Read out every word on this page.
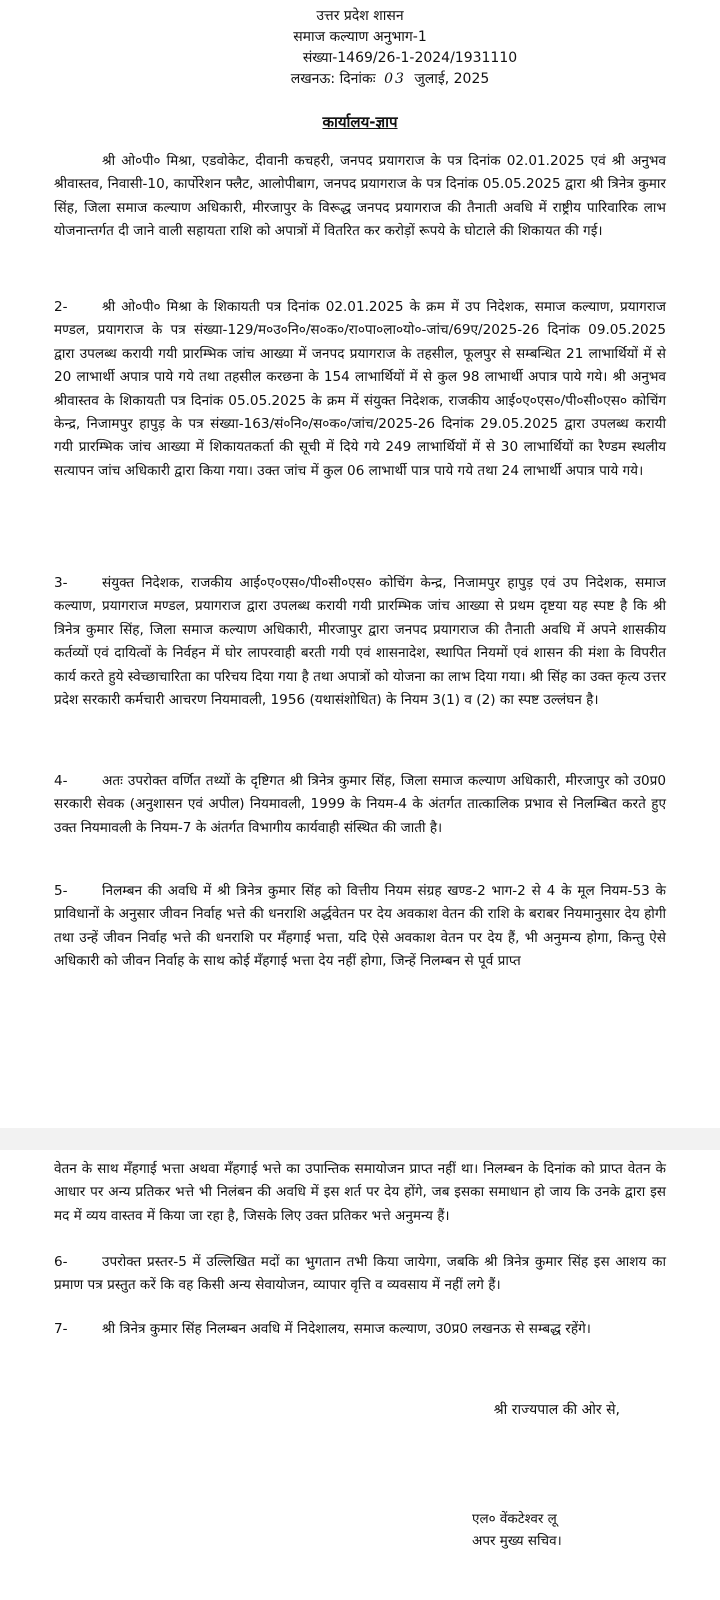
उत्तर प्रदेश शासन

समाज कल्याण अनुभाग-1

संख्या-1469/26-1-2024/1931110

लखनऊ: दिनांकः 03 जुलाई, 2025

कार्यालय-ज्ञाप

श्री ओ०पी० मिश्रा, एडवोकेट, दीवानी कचहरी, जनपद प्रयागराज के पत्र दिनांक 02.01.2025 एवं श्री अनुभव श्रीवास्तव, निवासी-10, कार्पोरेशन फ्लैट, आलोपीबाग, जनपद प्रयागराज के पत्र दिनांक 05.05.2025 द्वारा श्री त्रिनेत्र कुमार सिंह, जिला समाज कल्याण अधिकारी, मीरजापुर के विरूद्ध जनपद प्रयागराज की तैनाती अवधि में राष्ट्रीय पारिवारिक लाभ योजनान्तर्गत दी जाने वाली सहायता राशि को अपात्रों में वितरित कर करोड़ों रूपये के घोटाले की शिकायत की गई।

2-	श्री ओ०पी० मिश्रा के शिकायती पत्र दिनांक 02.01.2025 के क्रम में उप निदेशक, समाज कल्याण, प्रयागराज मण्डल, प्रयागराज के पत्र संख्या-129/म०उ०नि०/स०क०/रा०पा०ला०यो०-जांच/69ए/2025-26 दिनांक 09.05.2025 द्वारा उपलब्ध करायी गयी प्रारम्भिक जांच आख्या में जनपद प्रयागराज के तहसील, फूलपुर से सम्बन्धित 21 लाभार्थियों में से 20 लाभार्थी अपात्र पाये गये तथा तहसील करछना के 154 लाभार्थियों में से कुल 98 लाभार्थी अपात्र पाये गये। श्री अनुभव श्रीवास्तव के शिकायती पत्र दिनांक 05.05.2025 के क्रम में संयुक्त निदेशक, राजकीय आई०ए०एस०/पी०सी०एस० कोचिंग केन्द्र, निजामपुर हापुड़ के पत्र संख्या-163/सं०नि०/स०क०/जांच/2025-26 दिनांक 29.05.2025 द्वारा उपलब्ध करायी गयी प्रारम्भिक जांच आख्या में शिकायतकर्ता की सूची में दिये गये 249 लाभार्थियों में से 30 लाभार्थियों का रैण्डम स्थलीय सत्यापन जांच अधिकारी द्वारा किया गया। उक्त जांच में कुल 06 लाभार्थी पात्र पाये गये तथा 24 लाभार्थी अपात्र पाये गये।

3-	संयुक्त निदेशक, राजकीय आई०ए०एस०/पी०सी०एस० कोचिंग केन्द्र, निजामपुर हापुड़ एवं उप निदेशक, समाज कल्याण, प्रयागराज मण्डल, प्रयागराज द्वारा उपलब्ध करायी गयी प्रारम्भिक जांच आख्या से प्रथम दृष्टया यह स्पष्ट है कि श्री त्रिनेत्र कुमार सिंह, जिला समाज कल्याण अधिकारी, मीरजापुर द्वारा जनपद प्रयागराज की तैनाती अवधि में अपने शासकीय कर्तव्यों एवं दायित्वों के निर्वहन में घोर लापरवाही बरती गयी एवं शासनादेश, स्थापित नियमों एवं शासन की मंशा के विपरीत कार्य करते हुये स्वेच्छाचारिता का परिचय दिया गया है तथा अपात्रों को योजना का लाभ दिया गया। श्री सिंह का उक्त कृत्य उत्तर प्रदेश सरकारी कर्मचारी आचरण नियमावली, 1956 (यथासंशोधित) के नियम 3(1) व (2) का स्पष्ट उल्लंघन है।

4-	अतः उपरोक्त वर्णित तथ्यों के दृष्टिगत श्री त्रिनेत्र कुमार सिंह, जिला समाज कल्याण अधिकारी, मीरजापुर को उ0प्र0 सरकारी सेवक (अनुशासन एवं अपील) नियमावली, 1999 के नियम-4 के अंतर्गत तात्कालिक प्रभाव से निलम्बित करते हुए उक्त नियमावली के नियम-7 के अंतर्गत विभागीय कार्यवाही संस्थित की जाती है।

5-	निलम्बन की अवधि में श्री त्रिनेत्र कुमार सिंह को वित्तीय नियम संग्रह खण्ड-2 भाग-2 से 4 के मूल नियम-53 के प्राविधानों के अनुसार जीवन निर्वाह भत्ते की धनराशि अर्द्धवेतन पर देय अवकाश वेतन की राशि के बराबर नियमानुसार देय होगी तथा उन्हें जीवन निर्वाह भत्ते की धनराशि पर मँहगाई भत्ता, यदि ऐसे अवकाश वेतन पर देय हैं, भी अनुमन्य होगा, किन्तु ऐसे अधिकारी को जीवन निर्वाह के साथ कोई मँहगाई भत्ता देय नहीं होगा, जिन्हें निलम्बन से पूर्व प्राप्त

वेतन के साथ मँहगाई भत्ता अथवा मँहगाई भत्ते का उपान्तिक समायोजन प्राप्त नहीं था। निलम्बन के दिनांक को प्राप्त वेतन के आधार पर अन्य प्रतिकर भत्ते भी निलंबन की अवधि में इस शर्त पर देय होंगे, जब इसका समाधान हो जाय कि उनके द्वारा इस मद में व्यय वास्तव में किया जा रहा है, जिसके लिए उक्त प्रतिकर भत्ते अनुमन्य हैं।

6-	उपरोक्त प्रस्तर-5 में उल्लिखित मदों का भुगतान तभी किया जायेगा, जबकि श्री त्रिनेत्र कुमार सिंह इस आशय का प्रमाण पत्र प्रस्तुत करें कि वह किसी अन्य सेवायोजन, व्यापार वृत्ति व व्यवसाय में नहीं लगे हैं।

7-	श्री त्रिनेत्र कुमार सिंह निलम्बन अवधि में निदेशालय, समाज कल्याण, उ0प्र0 लखनऊ से सम्बद्ध रहेंगे।

श्री राज्यपाल की ओर से,

एल० वेंकटेश्वर लू

अपर मुख्य सचिव।
